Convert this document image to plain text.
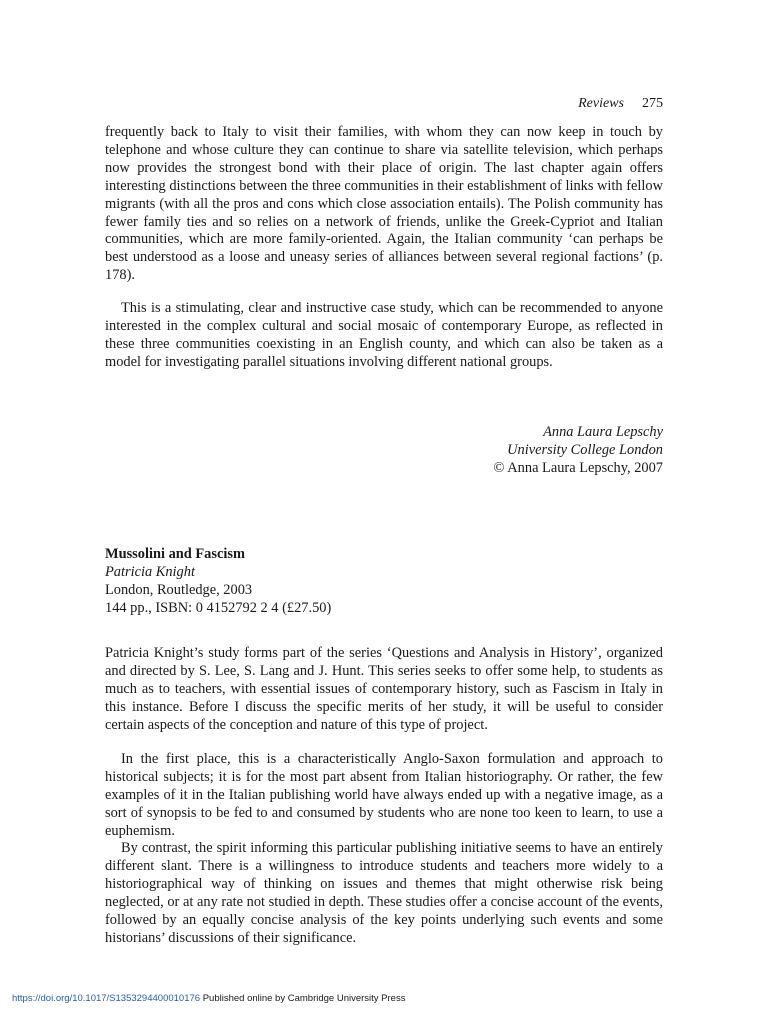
Reviews 275

frequently back to Italy to visit their families, with whom they can now keep in touch by telephone and whose culture they can continue to share via satellite television, which perhaps now provides the strongest bond with their place of origin. The last chapter again offers interesting distinctions between the three communities in their establishment of links with fellow migrants (with all the pros and cons which close association entails). The Polish community has fewer family ties and so relies on a network of friends, unlike the Greek-Cypriot and Italian communities, which are more family-oriented. Again, the Italian community ‘can perhaps be best understood as a loose and uneasy series of alliances between several regional factions’ (p. 178).

This is a stimulating, clear and instructive case study, which can be recommended to anyone interested in the complex cultural and social mosaic of contemporary Europe, as reflected in these three communities coexisting in an English county, and which can also be taken as a model for investigating parallel situations involving different national groups.

Anna Laura Lepschy
University College London
© Anna Laura Lepschy, 2007
Mussolini and Fascism
Patricia Knight
London, Routledge, 2003
144 pp., ISBN: 0 4152792 2 4 (£27.50)

Patricia Knight’s study forms part of the series ‘Questions and Analysis in History’, organized and directed by S. Lee, S. Lang and J. Hunt. This series seeks to offer some help, to students as much as to teachers, with essential issues of contemporary history, such as Fascism in Italy in this instance. Before I discuss the specific merits of her study, it will be useful to consider certain aspects of the conception and nature of this type of project.

In the first place, this is a characteristically Anglo-Saxon formulation and approach to historical subjects; it is for the most part absent from Italian historiography. Or rather, the few examples of it in the Italian publishing world have always ended up with a negative image, as a sort of synopsis to be fed to and consumed by students who are none too keen to learn, to use a euphemism.

By contrast, the spirit informing this particular publishing initiative seems to have an entirely different slant. There is a willingness to introduce students and teachers more widely to a historiographical way of thinking on issues and themes that might otherwise risk being neglected, or at any rate not studied in depth. These studies offer a concise account of the events, followed by an equally concise analysis of the key points underlying such events and some historians’ discussions of their significance.

https://doi.org/10.1017/S1353294400010176 Published online by Cambridge University Press
